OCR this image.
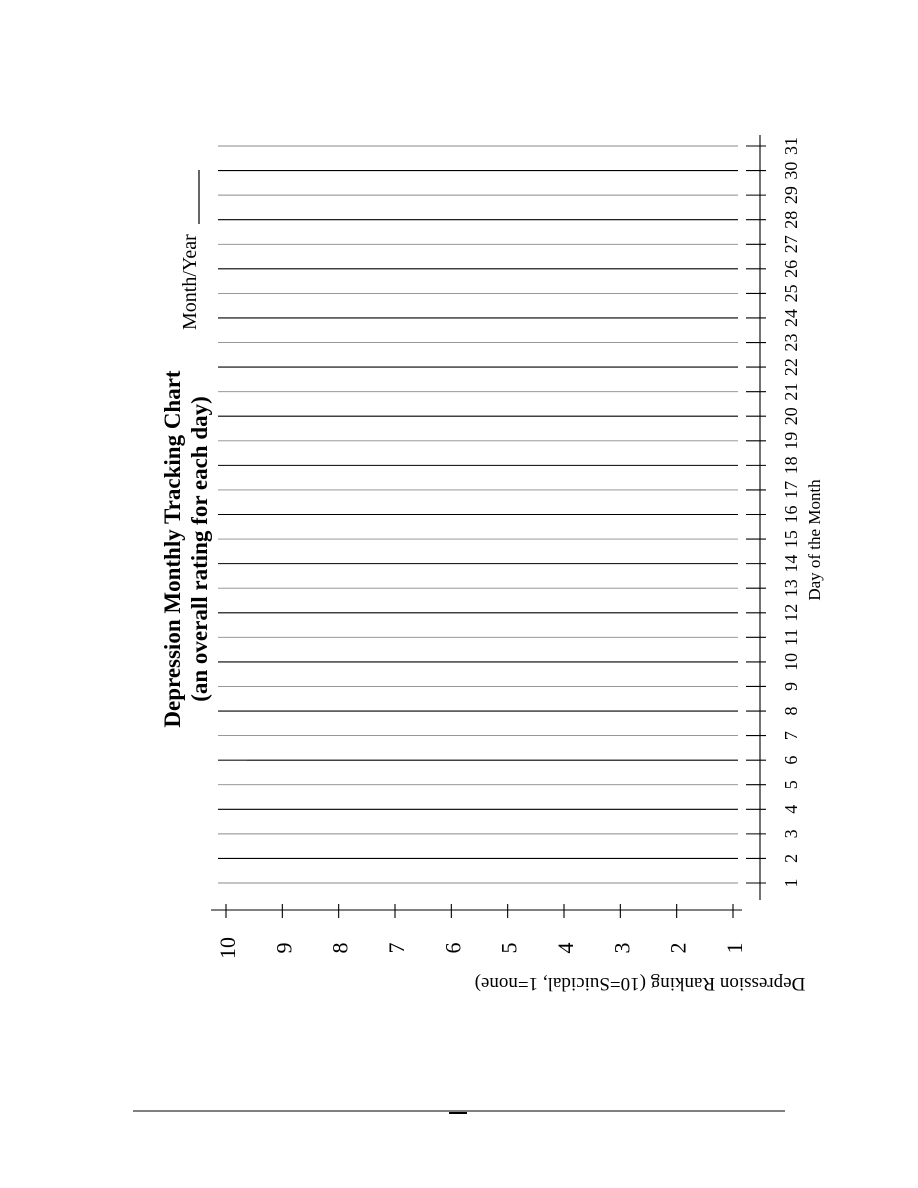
10 9 8 7 6 5 4 3 2 1
1
2
3
4
5
6
7
8
9
10
11
12
13
14
15
16
17
18
19
20
21
22
23
24
25
26
27
28
29
30
31
Depression Monthly Tracking Chart (an overall rating for each day)
Month/Year
Day of the Month
Depression Ranking (10=Suicidal, 1=none)
